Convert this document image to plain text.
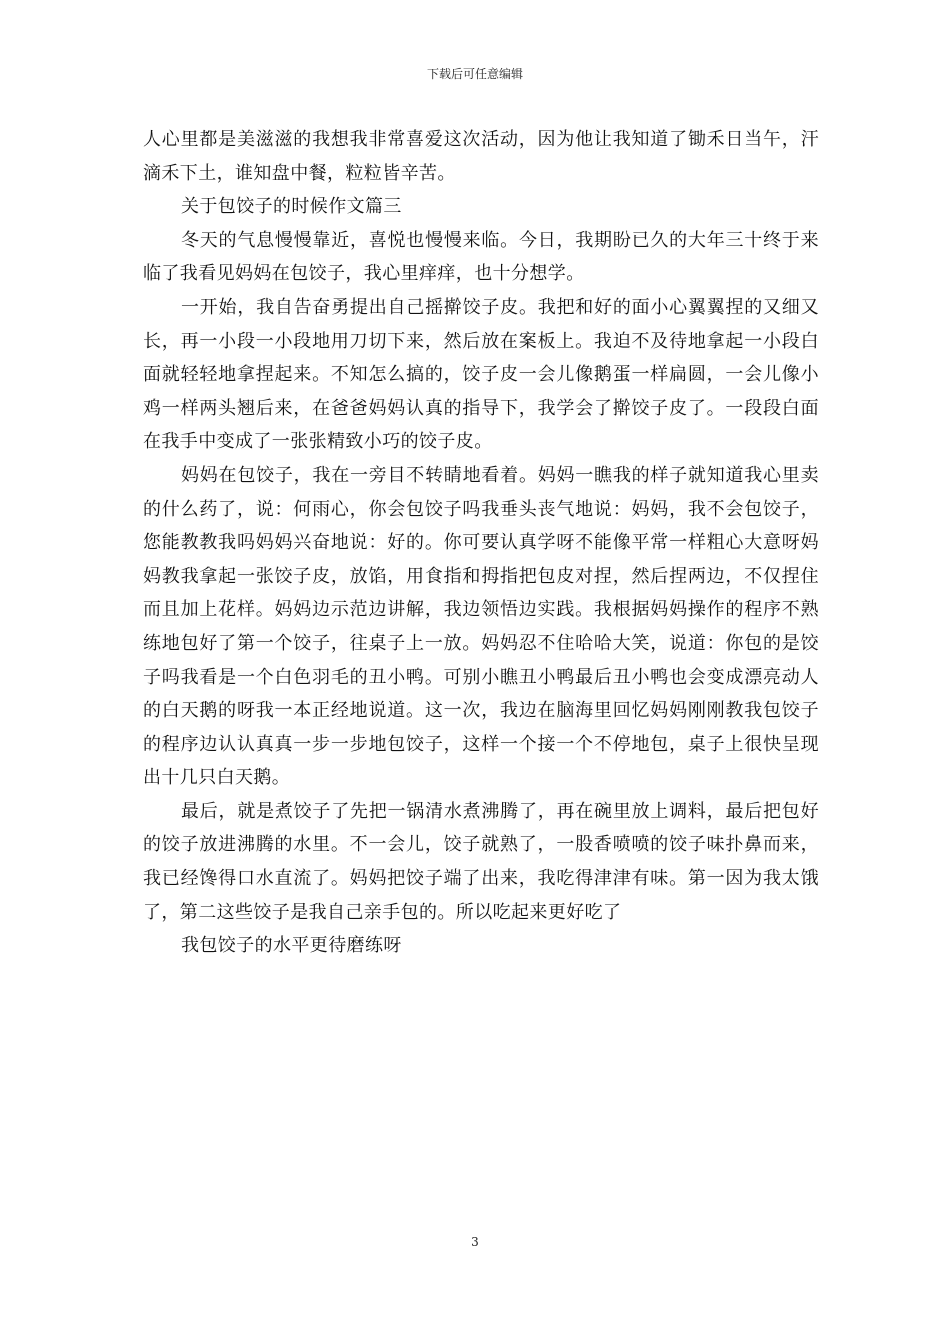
下载后可任意编辑

人心里都是美滋滋的我想我非常喜爱这次活动，因为他让我知道了锄禾日当午，汗滴禾下土，谁知盘中餐，粒粒皆辛苦。

关于包饺子的时候作文篇三

冬天的气息慢慢靠近，喜悦也慢慢来临。今日，我期盼已久的大年三十终于来临了我看见妈妈在包饺子，我心里痒痒，也十分想学。

一开始，我自告奋勇提出自己摇擀饺子皮。我把和好的面小心翼翼捏的又细又长，再一小段一小段地用刀切下来，然后放在案板上。我迫不及待地拿起一小段白面就轻轻地拿捏起来。不知怎么搞的，饺子皮一会儿像鹅蛋一样扁圆，一会儿像小鸡一样两头翘后来，在爸爸妈妈认真的指导下，我学会了擀饺子皮了。一段段白面在我手中变成了一张张精致小巧的饺子皮。

妈妈在包饺子，我在一旁目不转睛地看着。妈妈一瞧我的样子就知道我心里卖的什么药了，说：何雨心，你会包饺子吗我垂头丧气地说：妈妈，我不会包饺子，您能教教我吗妈妈兴奋地说：好的。你可要认真学呀不能像平常一样粗心大意呀妈妈教我拿起一张饺子皮，放馅，用食指和拇指把包皮对捏，然后捏两边，不仅捏住而且加上花样。妈妈边示范边讲解，我边领悟边实践。我根据妈妈操作的程序不熟练地包好了第一个饺子，往桌子上一放。妈妈忍不住哈哈大笑，说道：你包的是饺子吗我看是一个白色羽毛的丑小鸭。可别小瞧丑小鸭最后丑小鸭也会变成漂亮动人的白天鹅的呀我一本正经地说道。这一次，我边在脑海里回忆妈妈刚刚教我包饺子的程序边认认真真一步一步地包饺子，这样一个接一个不停地包，桌子上很快呈现出十几只白天鹅。

最后，就是煮饺子了先把一锅清水煮沸腾了，再在碗里放上调料，最后把包好的饺子放进沸腾的水里。不一会儿，饺子就熟了，一股香喷喷的饺子味扑鼻而来，我已经馋得口水直流了。妈妈把饺子端了出来，我吃得津津有味。第一因为我太饿了，第二这些饺子是我自己亲手包的。所以吃起来更好吃了

我包饺子的水平更待磨练呀

3
